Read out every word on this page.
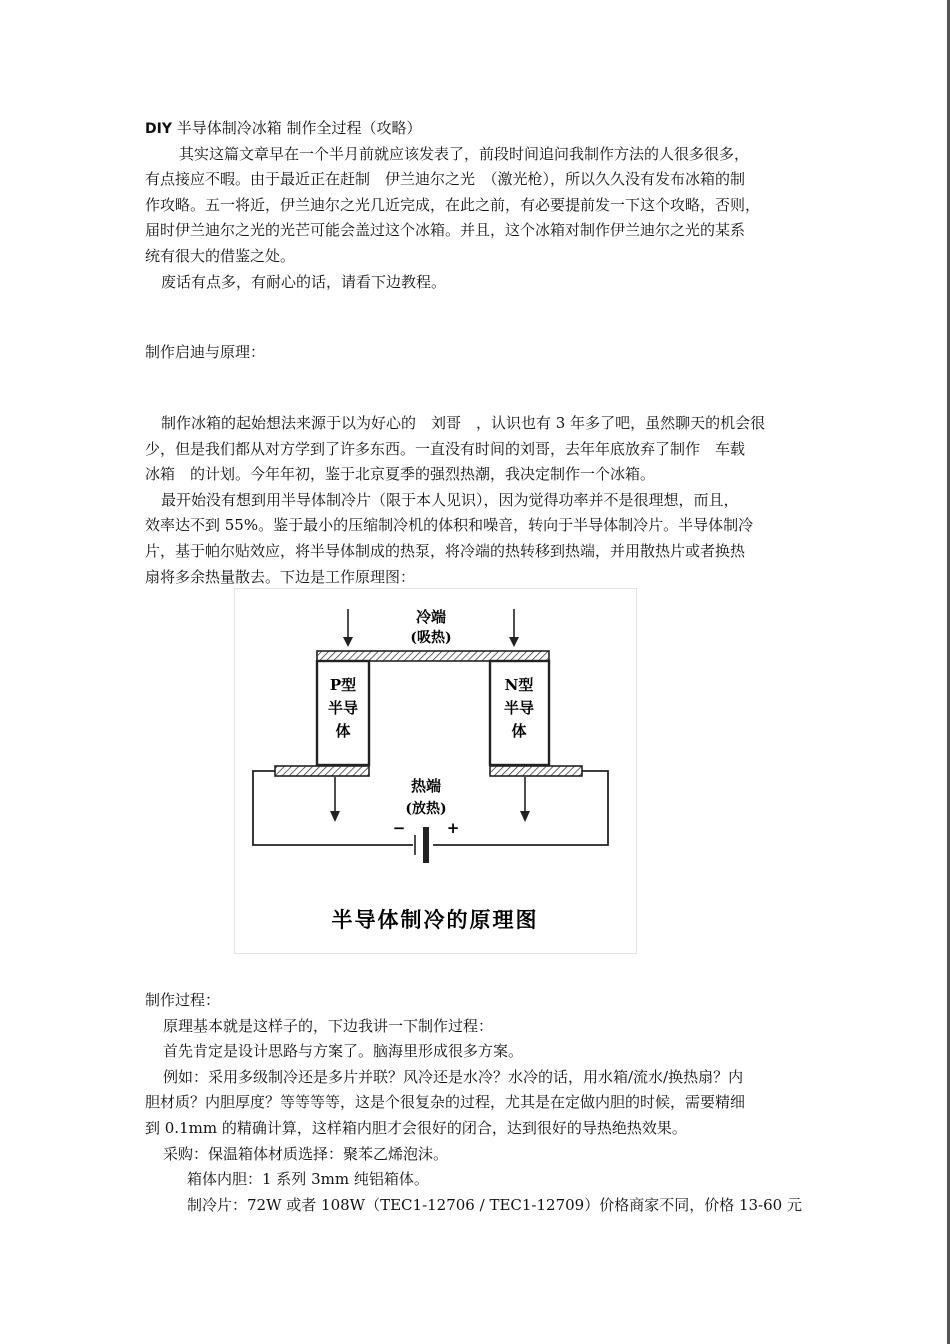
DIY 半导体制冷冰箱 制作全过程（攻略）
其实这篇文章早在一个半月前就应该发表了，前段时间追问我制作方法的人很多很多，
有点接应不暇。由于最近正在赶制　伊兰迪尔之光　（激光枪），所以久久没有发布冰箱的制
作攻略。五一将近，伊兰迪尔之光几近完成，在此之前，有必要提前发一下这个攻略，否则，
届时伊兰迪尔之光的光芒可能会盖过这个冰箱。并且，这个冰箱对制作伊兰迪尔之光的某系
统有很大的借鉴之处。
废话有点多，有耐心的话，请看下边教程。
制作启迪与原理：
制作冰箱的起始想法来源于以为好心的　刘哥　，认识也有 3 年多了吧，虽然聊天的机会很
少，但是我们都从对方学到了许多东西。一直没有时间的刘哥，去年年底放弃了制作　车载
冰箱　的计划。今年年初，鉴于北京夏季的强烈热潮，我决定制作一个冰箱。
最开始没有想到用半导体制冷片（限于本人见识），因为觉得功率并不是很理想，而且，
效率达不到 55%。鉴于最小的压缩制冷机的体积和噪音，转向于半导体制冷片。半导体制冷
片，基于帕尔贴效应，将半导体制成的热泵，将冷端的热转移到热端，并用散热片或者换热
扇将多余热量散去。下边是工作原理图：
冷端
(吸热)
P型
半导
体
N型
半导
体
热端
(放热)
−	+
半导体制冷的原理图
制作过程：
原理基本就是这样子的，下边我讲一下制作过程：
首先肯定是设计思路与方案了。脑海里形成很多方案。
例如：采用多级制冷还是多片并联？风冷还是水冷？水冷的话，用水箱/流水/换热扇？内
胆材质？内胆厚度？等等等等，这是个很复杂的过程，尤其是在定做内胆的时候，需要精细
到 0.1mm 的精确计算，这样箱内胆才会很好的闭合，达到很好的导热绝热效果。
采购：保温箱体材质选择：聚苯乙烯泡沫。
箱体内胆：1 系列 3mm 纯铝箱体。
制冷片：72W 或者 108W（TEC1-12706 / TEC1-12709）价格商家不同，价格 13-60 元
